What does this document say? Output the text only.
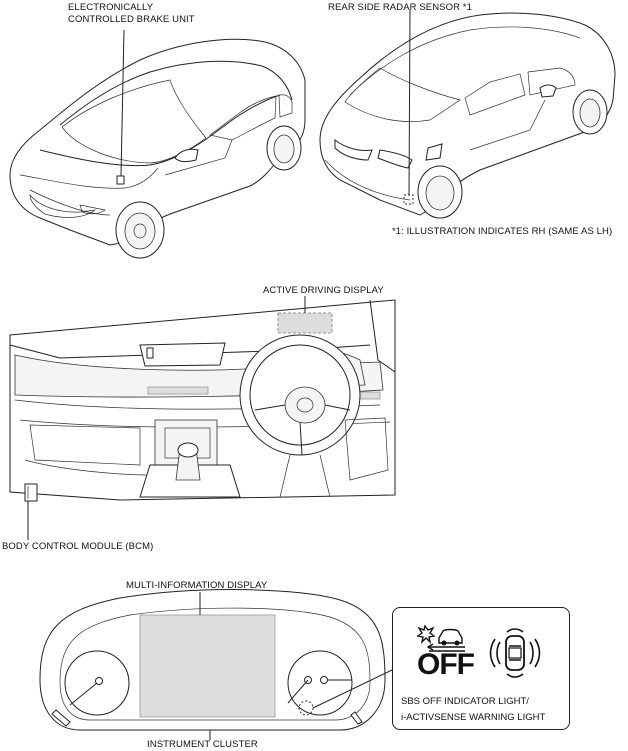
ELECTRONICALLY
CONTROLLED BRAKE UNIT
REAR SIDE RADAR SENSOR *1
*1: ILLUSTRATION INDICATES RH (SAME AS LH)
ACTIVE DRIVING DISPLAY
BODY CONTROL MODULE (BCM)
MULTI-INFORMATION DISPLAY
INSTRUMENT CLUSTER
OFF
SBS OFF INDICATOR LIGHT/
i-ACTIVSENSE WARNING LIGHT
